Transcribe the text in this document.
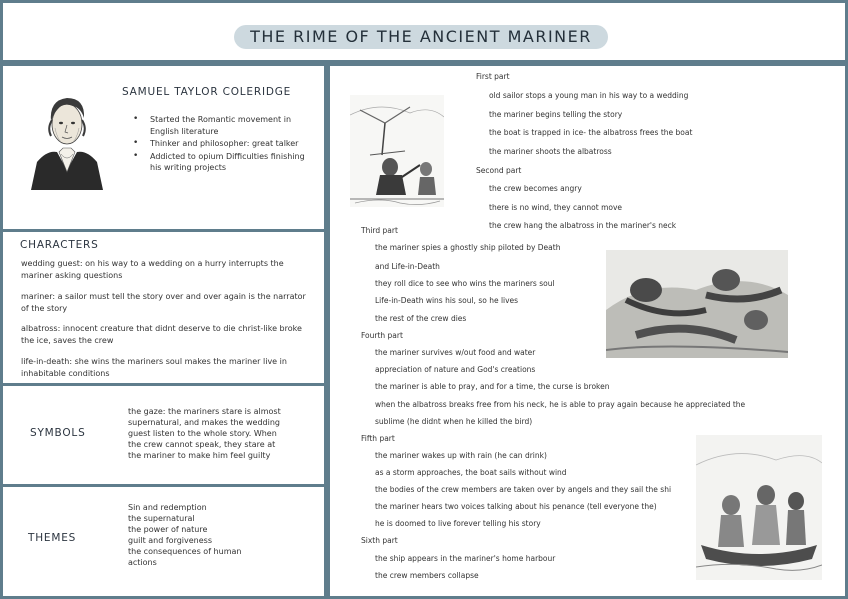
THE RIME OF THE ANCIENT MARINER
SAMUEL TAYLOR COLERIDGE
• Started the Romantic movement in English literature
• Thinker and philosopher: great talker
• Addicted to opium Difficulties finishing his writing projects
CHARACTERS
wedding guest: on his way to a wedding on a hurry interrupts the mariner asking questions
mariner: a sailor must tell the story over and over again is the narrator of the story
albatross: innocent creature that didnt deserve to die christ-like broke the ice, saves the crew
life-in-death: she wins the mariners soul makes the mariner live in inhabitable conditions
SYMBOLS
the gaze: the mariners stare is almost
supernatural, and makes the wedding
guest listen to the whole story. When
the crew cannot speak, they stare at
the mariner to make him feel guilty
THEMES
Sin and redemption
the supernatural
the power of nature
guilt and forgiveness
the consequences of human
actions
First part
old sailor stops a young man in his way to a wedding
the mariner begins telling the story
the boat is trapped in ice- the albatross frees the boat
the mariner shoots the albatross
Second part
the crew becomes angry
there is no wind, they cannot move
the crew hang the albatross in the mariner's neck
Third part
the mariner spies a ghostly ship piloted by Death
and Life-in-Death
they roll dice to see who wins the mariners soul
Life-in-Death wins his soul, so he lives
the rest of the crew dies
Fourth part
the mariner survives w/out food and water
appreciation of nature and God's creations
the mariner is able to pray, and for a time, the curse is broken
when the albatross breaks free from his neck, he is able to pray again because he appreciated the
sublime (he didnt when he killed the bird)
Fifth part
the mariner wakes up with rain (he can drink)
as a storm approaches, the boat sails without wind
the bodies of the crew members are taken over by angels and they sail the shi
the mariner hears two voices talking about his penance (tell everyone the)
he is doomed to live forever telling his story
Sixth part
the ship appears in the mariner's home harbour
the crew members collapse
